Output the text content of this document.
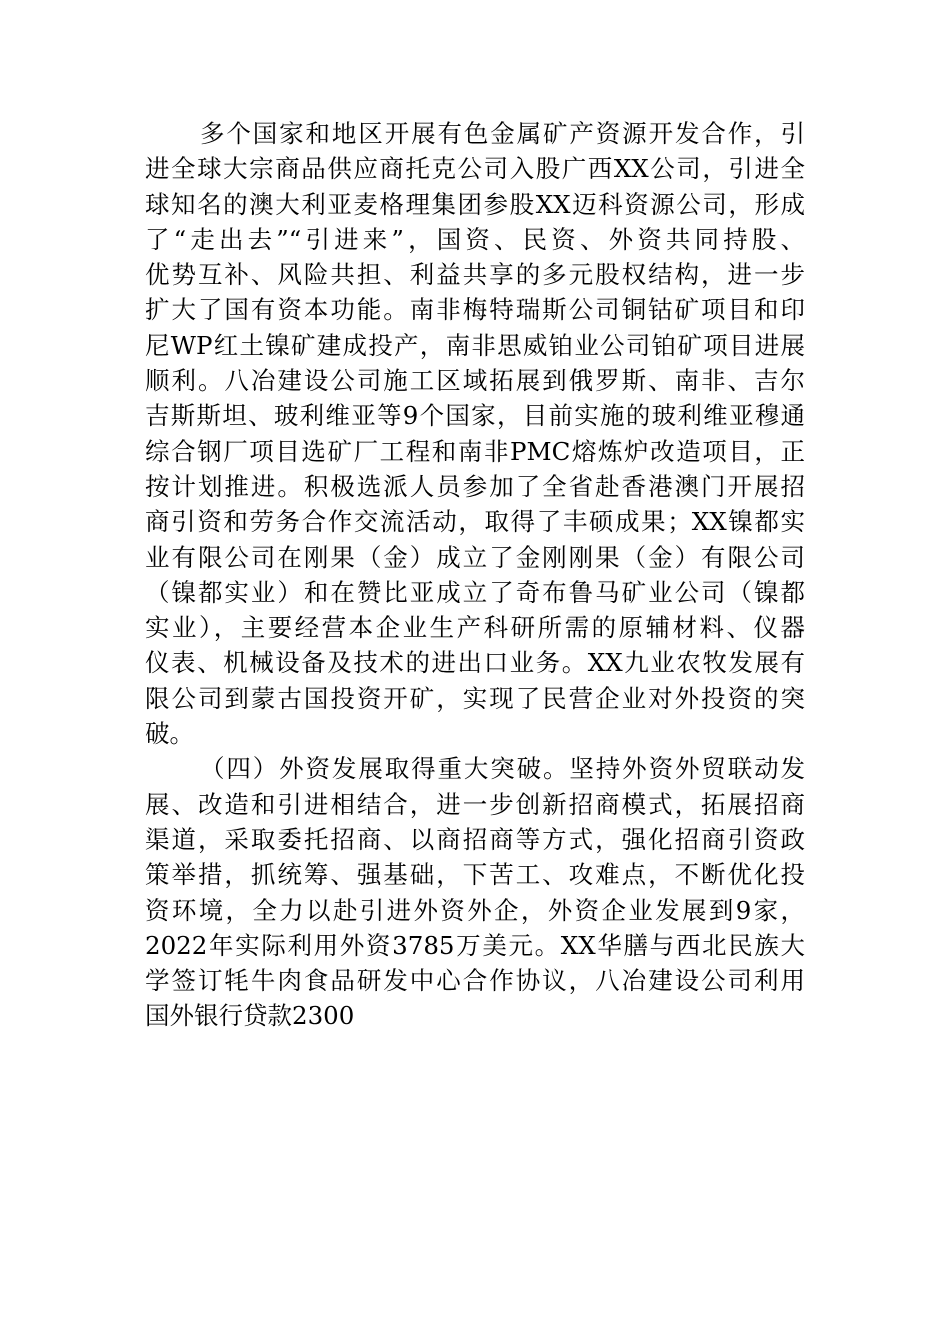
多个国家和地区开展有色金属矿产资源开发合作，引
进全球大宗商品供应商托克公司入股广西XX公司，引进全
球知名的澳大利亚麦格理集团参股XX迈科资源公司，形成
了“走出去”“引进来”，国资、民资、外资共同持股、
优势互补、风险共担、利益共享的多元股权结构，进一步
扩大了国有资本功能。南非梅特瑞斯公司铜钴矿项目和印
尼WP红土镍矿建成投产，南非思威铂业公司铂矿项目进展
顺利。八冶建设公司施工区域拓展到俄罗斯、南非、吉尔
吉斯斯坦、玻利维亚等9个国家，目前实施的玻利维亚穆通
综合钢厂项目选矿厂工程和南非PMC熔炼炉改造项目，正
按计划推进。积极选派人员参加了全省赴香港澳门开展招
商引资和劳务合作交流活动，取得了丰硕成果；XX镍都实
业有限公司在刚果（金）成立了金刚刚果（金）有限公司
（镍都实业）和在赞比亚成立了奇布鲁马矿业公司（镍都
实业），主要经营本企业生产科研所需的原辅材料、仪器
仪表、机械设备及技术的进出口业务。XX九业农牧发展有
限公司到蒙古国投资开矿，实现了民营企业对外投资的突
破。
（四）外资发展取得重大突破。坚持外资外贸联动发
展、改造和引进相结合，进一步创新招商模式，拓展招商
渠道，采取委托招商、以商招商等方式，强化招商引资政
策举措，抓统筹、强基础，下苦工、攻难点，不断优化投
资环境，全力以赴引进外资外企，外资企业发展到9家，
2022年实际利用外资3785万美元。XX华膳与西北民族大
学签订牦牛肉食品研发中心合作协议，八冶建设公司利用
国外银行贷款2300
